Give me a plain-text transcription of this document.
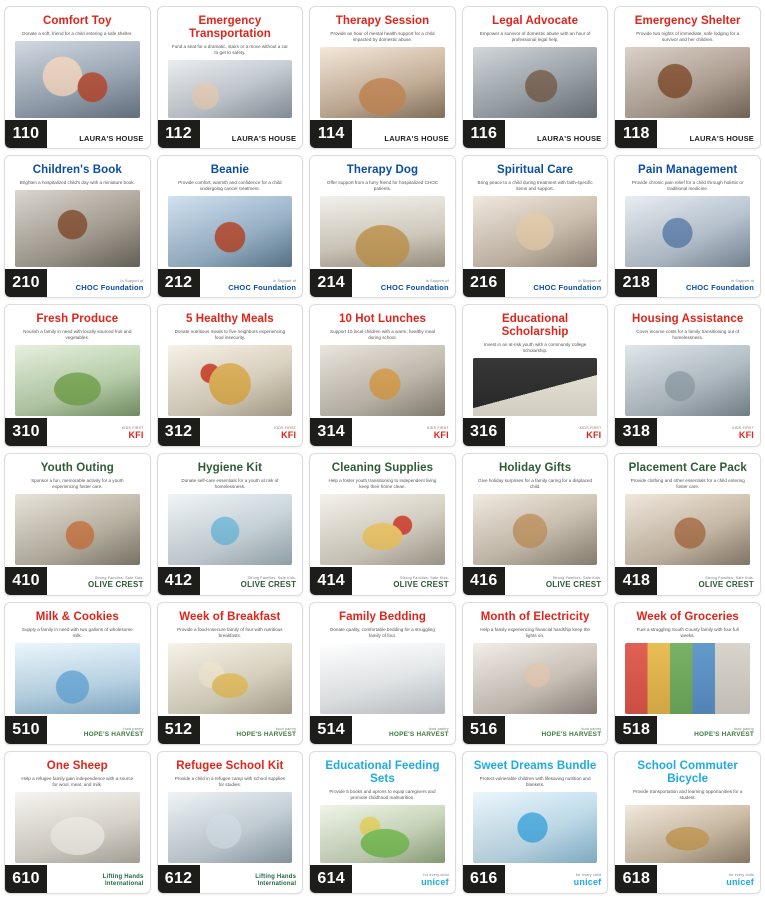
Comfort Toy
Donate a soft, friend for a child entering a safe shelter.
110	LAURA'S HOUSE
Emergency Transportation
Fund a seat for a dramatic, stairs or a move without a car to get to safety.
112	LAURA'S HOUSE
Therapy Session
Provide an hour of mental health support for a child impacted by domestic abuse.
114	LAURA'S HOUSE
Legal Advocate
Empower a survivor of domestic abuse with an hour of professional legal help.
116	LAURA'S HOUSE
Emergency Shelter
Provide two nights of immediate, safe lodging for a survivor and her children.
118	LAURA'S HOUSE
Children's Book
Brighten a hospitalized child's day with a miniature book.
210	In Support of
CHOC Foundation
Beanie
Provide comfort, warmth and confidence for a child undergoing cancer treatment.
212	In Support of
CHOC Foundation
Therapy Dog
Offer support from a furry friend for hospitalized CHOC patients.
214	In Support of
CHOC Foundation
Spiritual Care
Bring peace to a child during treatment with faith-specific items and support.
216	In Support of
CHOC Foundation
Pain Management
Provide chronic pain relief for a child through holistic or traditional medicine.
218	In Support of
CHOC Foundation
Fresh Produce
Nourish a family in need with locally sourced fruit and vegetables.
310	KIDS FIRST
KFI
5 Healthy Meals
Donate nutritious meals to five neighbors experiencing food insecurity.
312	KIDS FIRST
KFI
10 Hot Lunches
Support 10 local children with a warm, healthy meal during school.
314	KIDS FIRST
KFI
Educational Scholarship
Invest in an at-risk youth with a community college scholarship.
316	KIDS FIRST
KFI
Housing Assistance
Cover income costs for a family transitioning out of homelessness.
318	KIDS FIRST
KFI
Youth Outing
Sponsor a fun, memorable activity for a youth experiencing foster care.
410	Strong Families. Safe Kids.
OLIVE CREST
Hygiene Kit
Donate self-care essentials for a youth at risk of homelessness.
412	Strong Families. Safe Kids.
OLIVE CREST
Cleaning Supplies
Help a foster youth transitioning to independent living keep their home clean.
414	Strong Families. Safe Kids.
OLIVE CREST
Holiday Gifts
Give holiday surprises for a family caring for a displaced child.
416	Strong Families. Safe Kids.
OLIVE CREST
Placement Care Pack
Provide clothing and other essentials for a child entering foster care.
418	Strong Families. Safe Kids.
OLIVE CREST
Milk & Cookies
Supply a family in need with two gallons of wholesome milk.
510	food pantry
HOPE'S HARVEST
Week of Breakfast
Provide a food-insecure family of four with nutritious breakfasts.
512	food pantry
HOPE'S HARVEST
Family Bedding
Donate quality, comfortable bedding for a struggling family of four.
514	food pantry
HOPE'S HARVEST
Month of Electricity
Help a family experiencing financial hardship keep the lights on.
516	food pantry
HOPE'S HARVEST
Week of Groceries
Fuel a struggling South County family with four full weeks.
518	food pantry
HOPE'S HARVEST
One Sheep
Help a refugee family gain independence with a source for wool, meat, and milk.
610	Lifting Hands International
Refugee School Kit
Provide a child in a refugee camp with school supplies for studies.
612	Lifting Hands International
Educational Feeding Sets
Provide 5 books and aprons to equip caregivers and promote childhood malnutrition.
614	for every child
unicef
Sweet Dreams Bundle
Protect vulnerable children with lifesaving nutrition and blankets.
616	for every child
unicef
School Commuter Bicycle
Provide transportation and learning opportunities for a student.
618	for every child
unicef
